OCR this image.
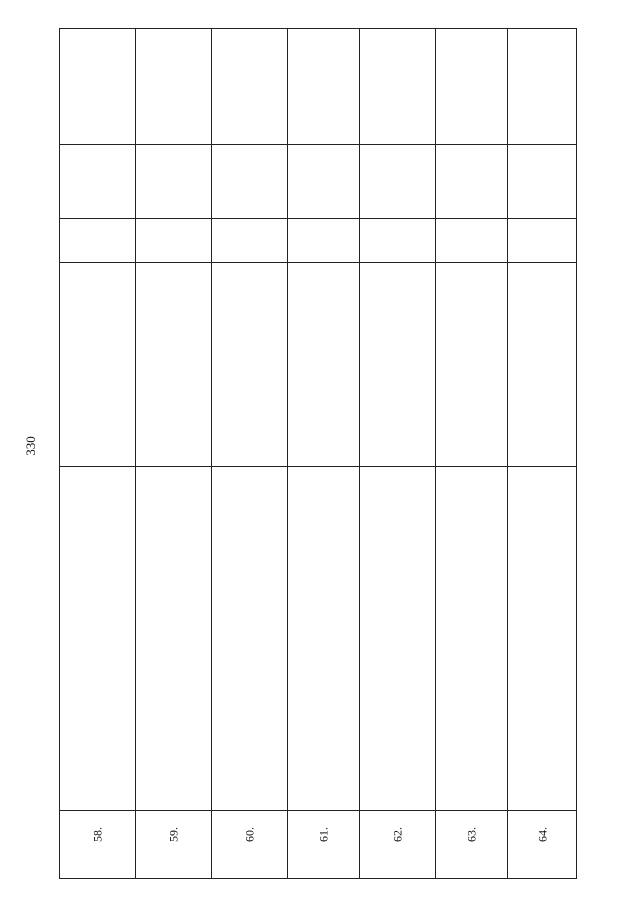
330
58.	59.	60.	61.	62.	63.	64.
